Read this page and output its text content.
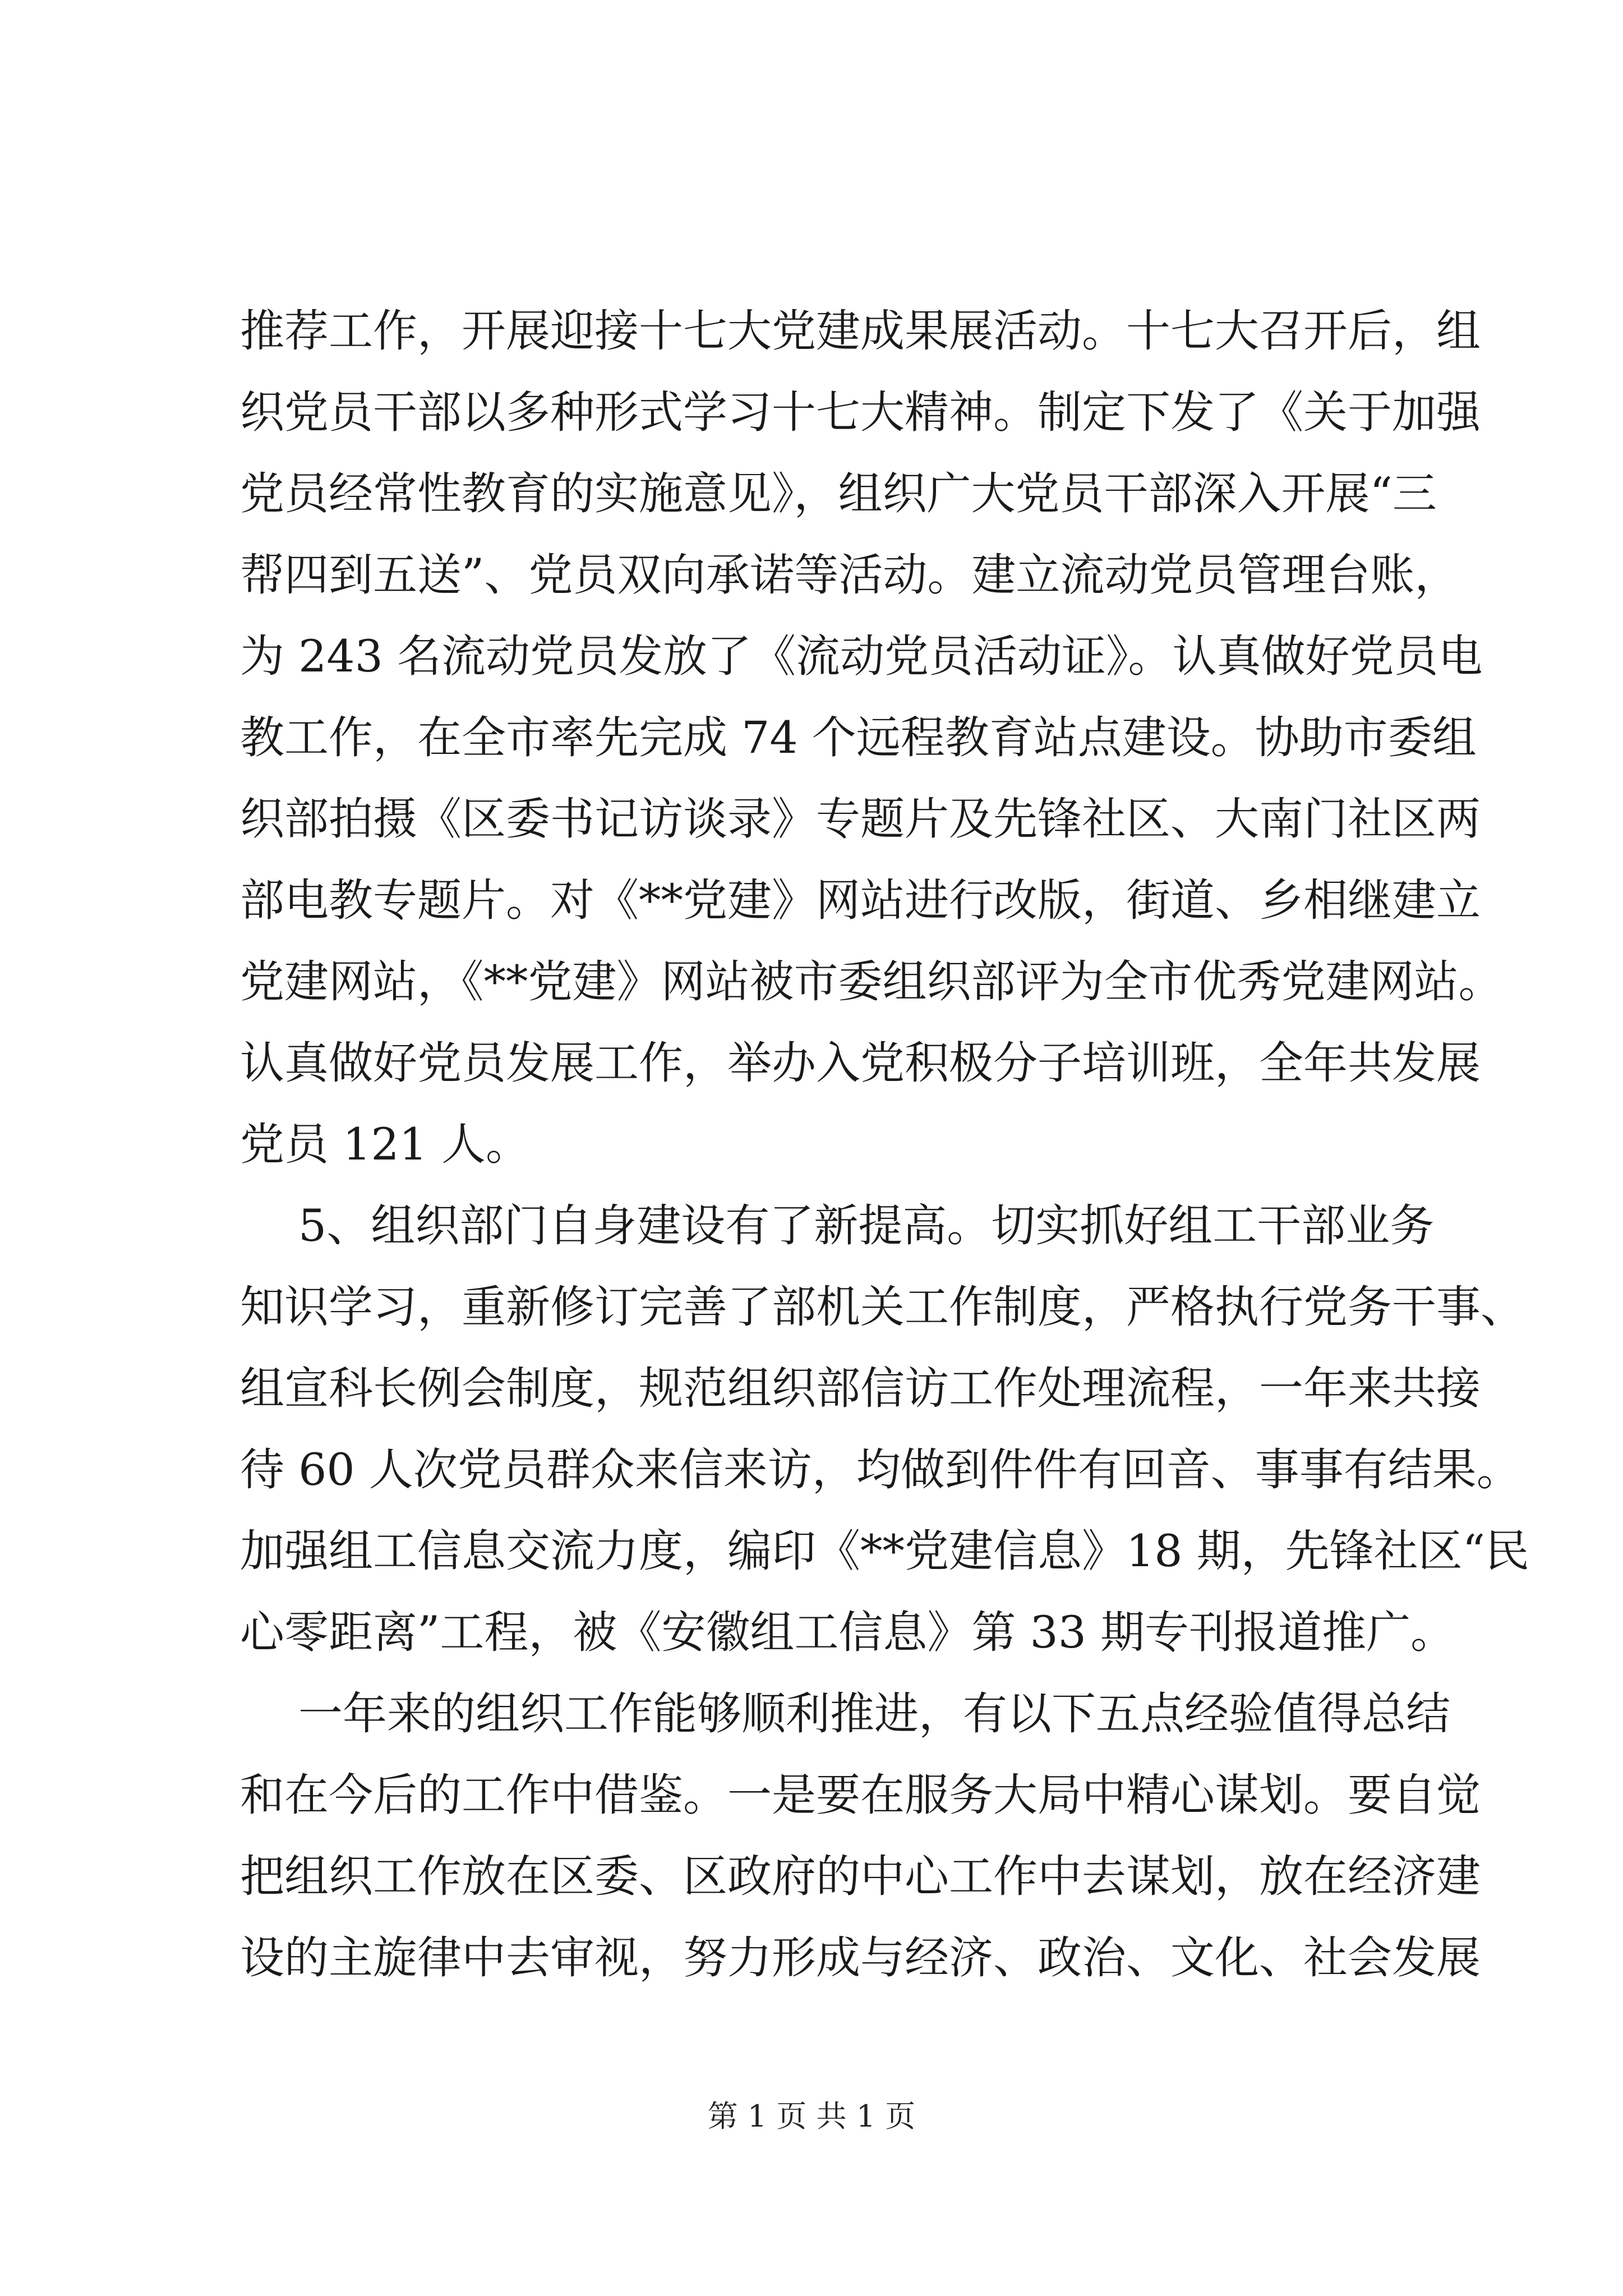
推荐工作，开展迎接十七大党建成果展活动。十七大召开后，组
织党员干部以多种形式学习十七大精神。制定下发了《关于加强
党员经常性教育的实施意见》，组织广大党员干部深入开展“三
帮四到五送”、党员双向承诺等活动。建立流动党员管理台账，
为 243 名流动党员发放了《流动党员活动证》。认真做好党员电
教工作，在全市率先完成 74 个远程教育站点建设。协助市委组
织部拍摄《区委书记访谈录》专题片及先锋社区、大南门社区两
部电教专题片。对《**党建》网站进行改版，街道、乡相继建立
党建网站，《**党建》网站被市委组织部评为全市优秀党建网站。
认真做好党员发展工作，举办入党积极分子培训班，全年共发展
党员 121 人。
5、组织部门自身建设有了新提高。切实抓好组工干部业务
知识学习，重新修订完善了部机关工作制度，严格执行党务干事、
组宣科长例会制度，规范组织部信访工作处理流程，一年来共接
待 60 人次党员群众来信来访，均做到件件有回音、事事有结果。
加强组工信息交流力度，编印《**党建信息》18 期，先锋社区“民
心零距离”工程，被《安徽组工信息》第 33 期专刊报道推广。
一年来的组织工作能够顺利推进，有以下五点经验值得总结
和在今后的工作中借鉴。一是要在服务大局中精心谋划。要自觉
把组织工作放在区委、区政府的中心工作中去谋划，放在经济建
设的主旋律中去审视，努力形成与经济、政治、文化、社会发展
第 1 页 共 1 页
